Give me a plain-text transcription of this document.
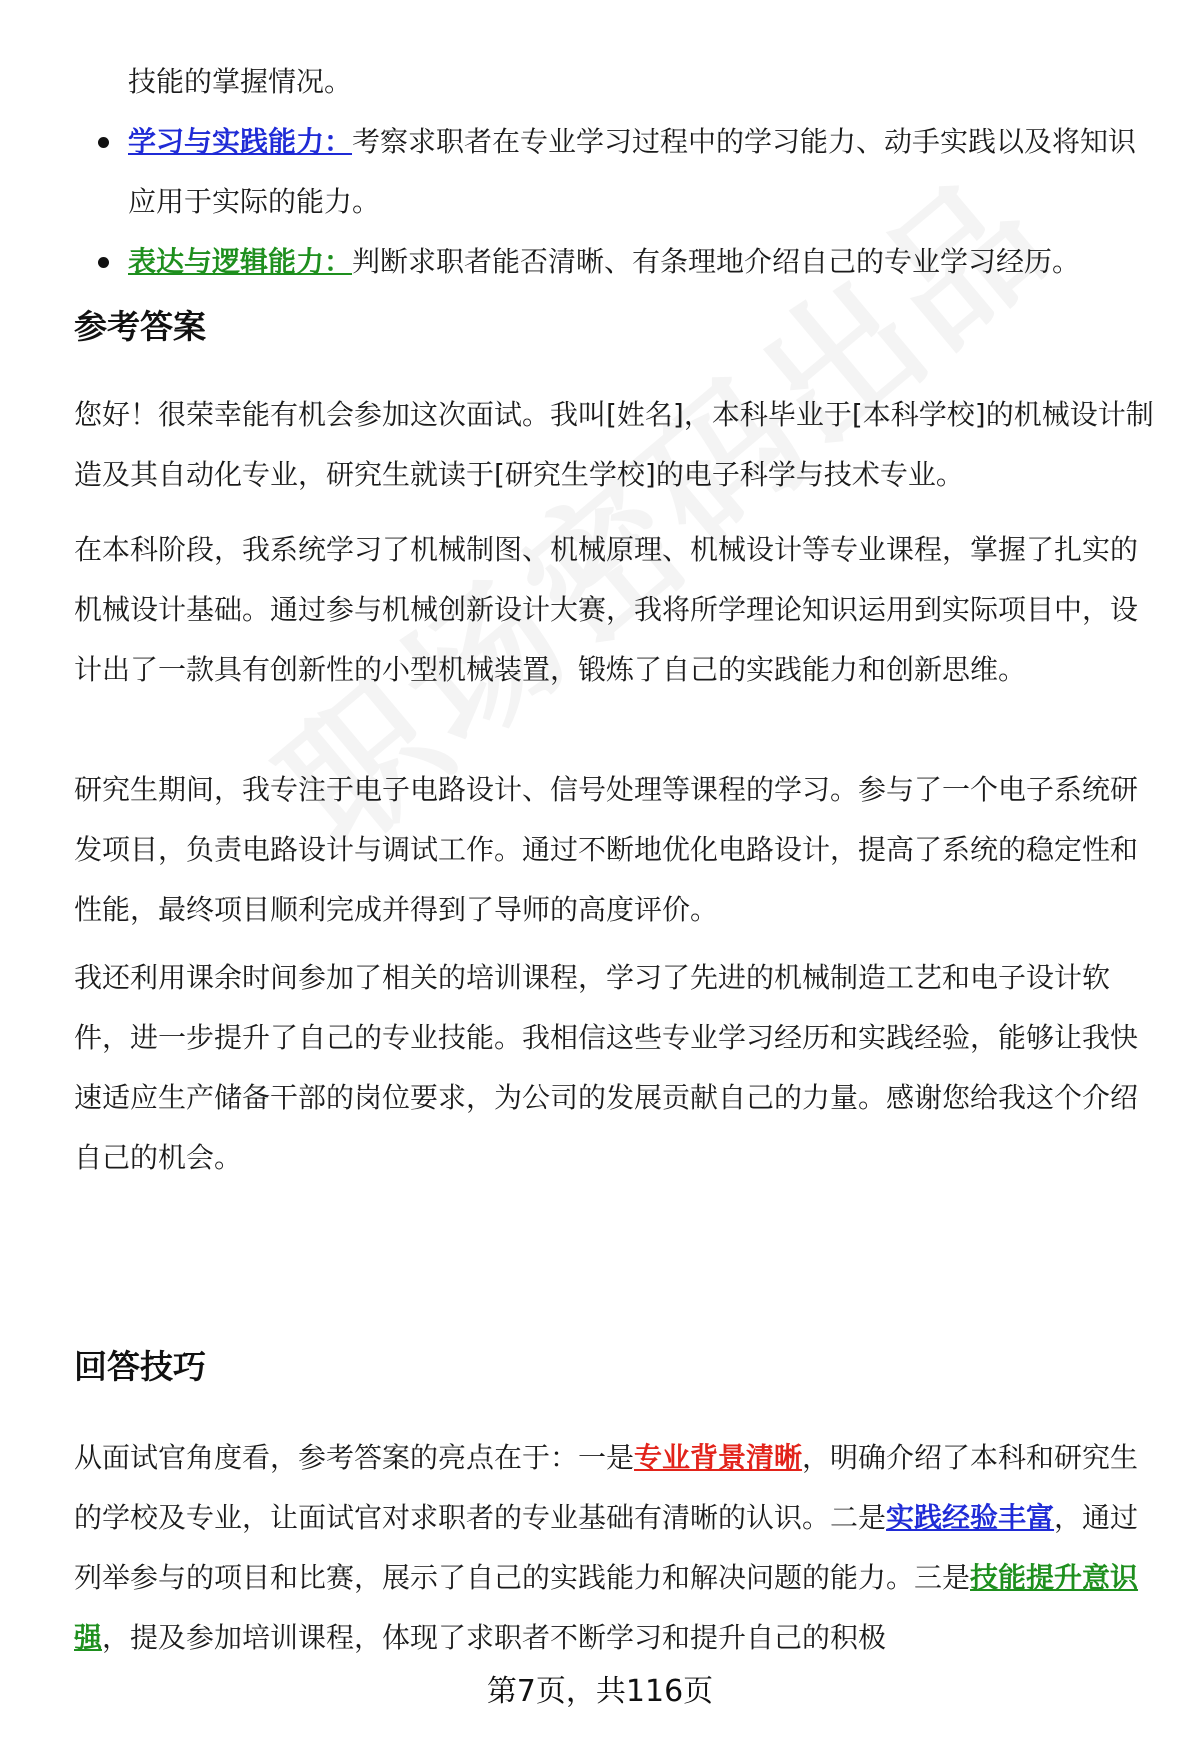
技能的掌握情况。

学习与实践能力：考察求职者在专业学习过程中的学习能力、动手实践以及将知识应用于实际的能力。
表达与逻辑能力：判断求职者能否清晰、有条理地介绍自己的专业学习经历。
参考答案

您好！很荣幸能有机会参加这次面试。我叫[姓名]，本科毕业于[本科学校]的机械设计制造及其自动化专业，研究生就读于[研究生学校]的电子科学与技术专业。

在本科阶段，我系统学习了机械制图、机械原理、机械设计等专业课程，掌握了扎实的机械设计基础。通过参与机械创新设计大赛，我将所学理论知识运用到实际项目中，设计出了一款具有创新性的小型机械装置，锻炼了自己的实践能力和创新思维。

研究生期间，我专注于电子电路设计、信号处理等课程的学习。参与了一个电子系统研发项目，负责电路设计与调试工作。通过不断地优化电路设计，提高了系统的稳定性和性能，最终项目顺利完成并得到了导师的高度评价。

我还利用课余时间参加了相关的培训课程，学习了先进的机械制造工艺和电子设计软件，进一步提升了自己的专业技能。我相信这些专业学习经历和实践经验，能够让我快速适应生产储备干部的岗位要求，为公司的发展贡献自己的力量。感谢您给我这个介绍自己的机会。

回答技巧

从面试官角度看，参考答案的亮点在于：一是专业背景清晰，明确介绍了本科和研究生的学校及专业，让面试官对求职者的专业基础有清晰的认识。二是实践经验丰富，通过列举参与的项目和比赛，展示了自己的实践能力和解决问题的能力。三是技能提升意识强，提及参加培训课程，体现了求职者不断学习和提升自己的积极

第7页，共116页
